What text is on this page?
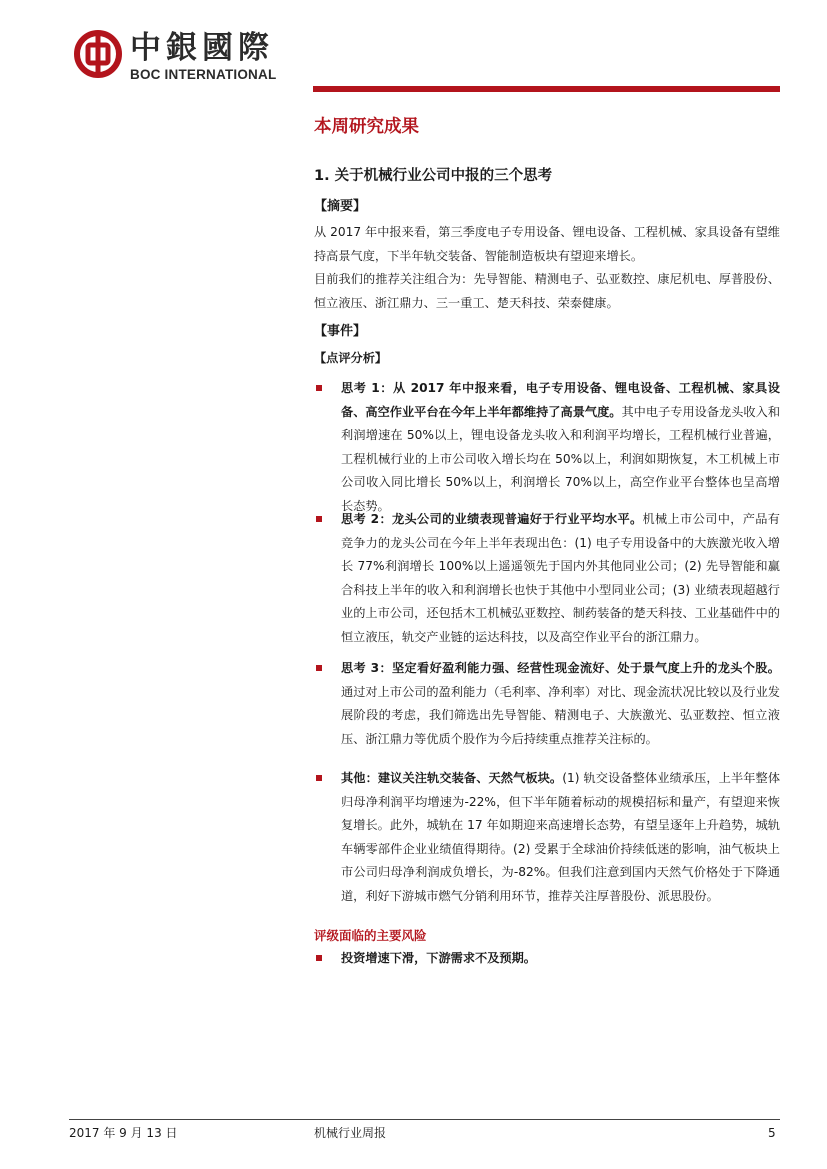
中銀國際
BOC INTERNATIONAL
本周研究成果
1. 关于机械行业公司中报的三个思考
【摘要】
从 2017 年中报来看，第三季度电子专用设备、锂电设备、工程机械、家具设备有望维持高景气度，下半年轨交装备、智能制造板块有望迎来增长。
目前我们的推荐关注组合为：先导智能、精测电子、弘亚数控、康尼机电、厚普股份、恒立液压、浙江鼎力、三一重工、楚天科技、荣泰健康。
【事件】
【点评分析】
思考 1：从 2017 年中报来看，电子专用设备、锂电设备、工程机械、家具设备、高空作业平台在今年上半年都维持了高景气度。其中电子专用设备龙头收入和利润增速在 50%以上，锂电设备龙头收入和利润平均增长，工程机械行业普遍，工程机械行业的上市公司收入增长均在 50%以上，利润如期恢复，木工机械上市公司收入同比增长 50%以上，利润增长 70%以上，高空作业平台整体也呈高增长态势。
思考 2：龙头公司的业绩表现普遍好于行业平均水平。机械上市公司中，产品有竞争力的龙头公司在今年上半年表现出色：(1) 电子专用设备中的大族激光收入增长 77%利润增长 100%以上遥遥领先于国内外其他同业公司；(2) 先导智能和赢合科技上半年的收入和利润增长也快于其他中小型同业公司；(3) 业绩表现超越行业的上市公司，还包括木工机械弘亚数控、制药装备的楚天科技、工业基础件中的恒立液压，轨交产业链的运达科技，以及高空作业平台的浙江鼎力。
思考 3：坚定看好盈利能力强、经营性现金流好、处于景气度上升的龙头个股。通过对上市公司的盈利能力（毛利率、净利率）对比、现金流状况比较以及行业发展阶段的考虑，我们筛选出先导智能、精测电子、大族激光、弘亚数控、恒立液压、浙江鼎力等优质个股作为今后持续重点推荐关注标的。
其他：建议关注轨交装备、天然气板块。(1) 轨交设备整体业绩承压，上半年整体归母净利润平均增速为-22%，但下半年随着标动的规模招标和量产，有望迎来恢复增长。此外，城轨在 17 年如期迎来高速增长态势，有望呈逐年上升趋势，城轨车辆零部件企业业绩值得期待。(2) 受累于全球油价持续低迷的影响，油气板块上市公司归母净利润成负增长，为-82%。但我们注意到国内天然气价格处于下降通道，利好下游城市燃气分销利用环节，推荐关注厚普股份、派思股份。
评级面临的主要风险
投资增速下滑，下游需求不及预期。
2017 年 9 月 13 日	机械行业周报	5
